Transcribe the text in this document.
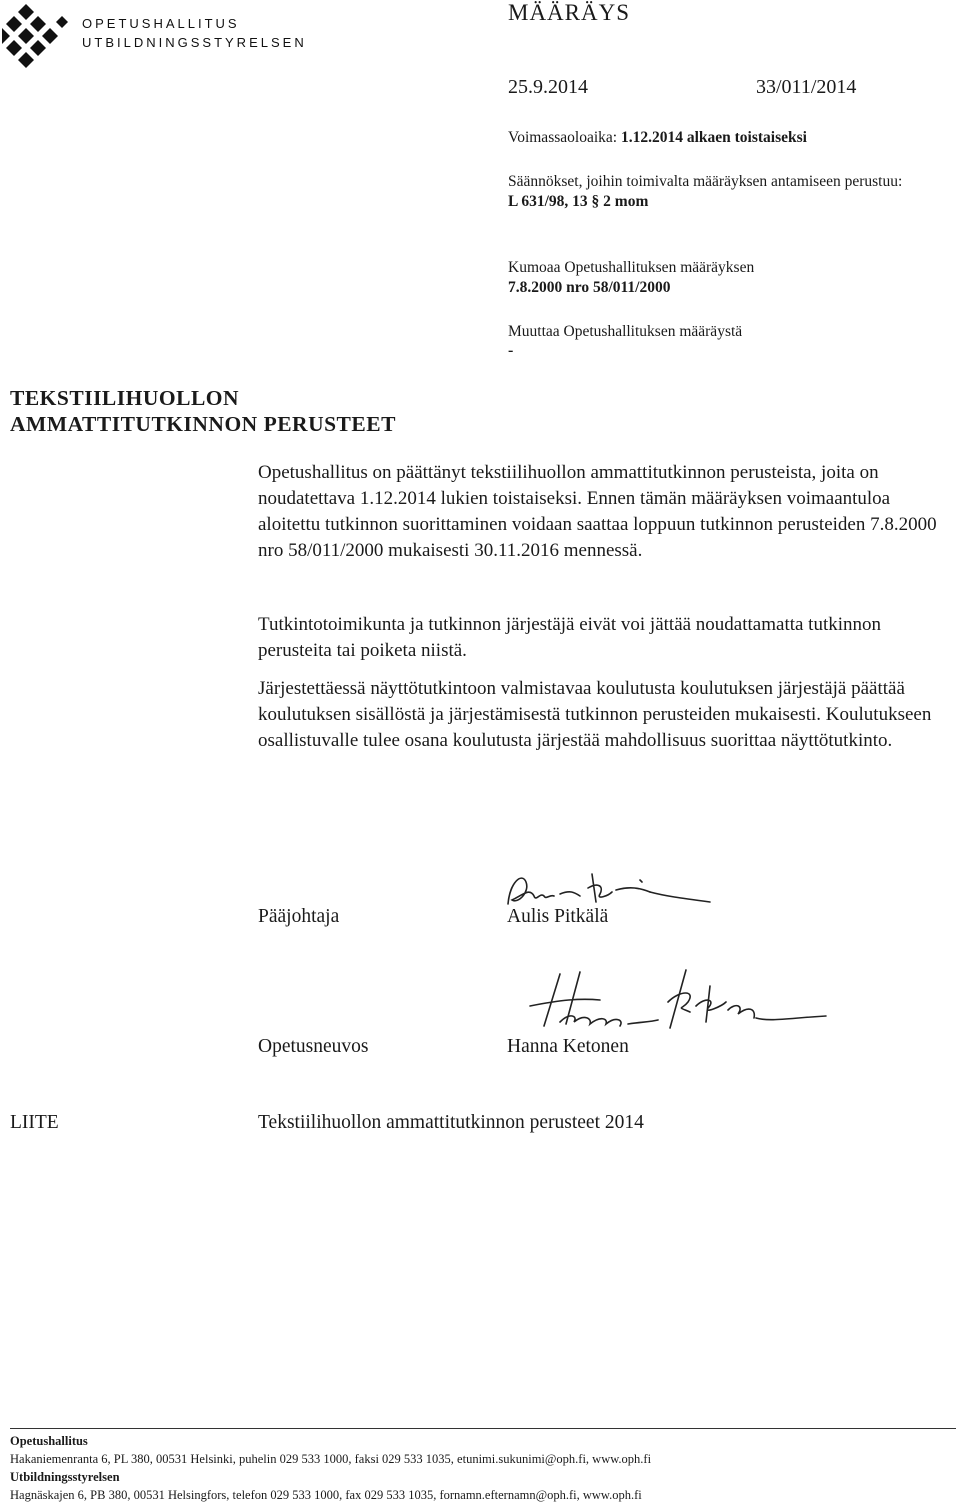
OPETUSHALLITUS
UTBILDNINGSSTYRELSEN
MÄÄRÄYS
25.9.2014	33/011/2014
Voimassaoloaika: 1.12.2014 alkaen toistaiseksi
Säännökset, joihin toimivalta määräyksen antamiseen perustuu:
L 631/98, 13 § 2 mom
Kumoaa Opetushallituksen määräyksen
7.8.2000 nro 58/011/2000
Muuttaa Opetushallituksen määräystä
-
TEKSTIILIHUOLLON
AMMATTITUTKINNON PERUSTEET
Opetushallitus on päättänyt tekstiilihuollon ammattitutkinnon perusteista, joita on noudatettava 1.12.2014 lukien toistaiseksi. Ennen tämän määräyksen voimaantuloa aloitettu tutkinnon suorittaminen voidaan saattaa loppuun tutkinnon perusteiden 7.8.2000 nro 58/011/2000 mukaisesti 30.11.2016 mennessä.
Tutkintotoimikunta ja tutkinnon järjestäjä eivät voi jättää noudattamatta tutkinnon perusteita tai poiketa niistä.
Järjestettäessä näyttötutkintoon valmistavaa koulutusta koulutuksen järjestäjä päättää koulutuksen sisällöstä ja järjestämisestä tutkinnon perusteiden mukaisesti. Koulutukseen osallistuvalle tulee osana koulutusta järjestää mahdollisuus suorittaa näyttötutkinto.
Pääjohtaja	Aulis Pitkälä
Opetusneuvos	Hanna Ketonen
LIITE	Tekstiilihuollon ammattitutkinnon perusteet 2014
Opetushallitus
Hakaniemenranta 6, PL 380, 00531 Helsinki, puhelin 029 533 1000, faksi 029 533 1035, etunimi.sukunimi@oph.fi, www.oph.fi
Utbildningsstyrelsen
Hagnäskajen 6, PB 380, 00531 Helsingfors, telefon 029 533 1000, fax 029 533 1035, fornamn.efternamn@oph.fi, www.oph.fi
